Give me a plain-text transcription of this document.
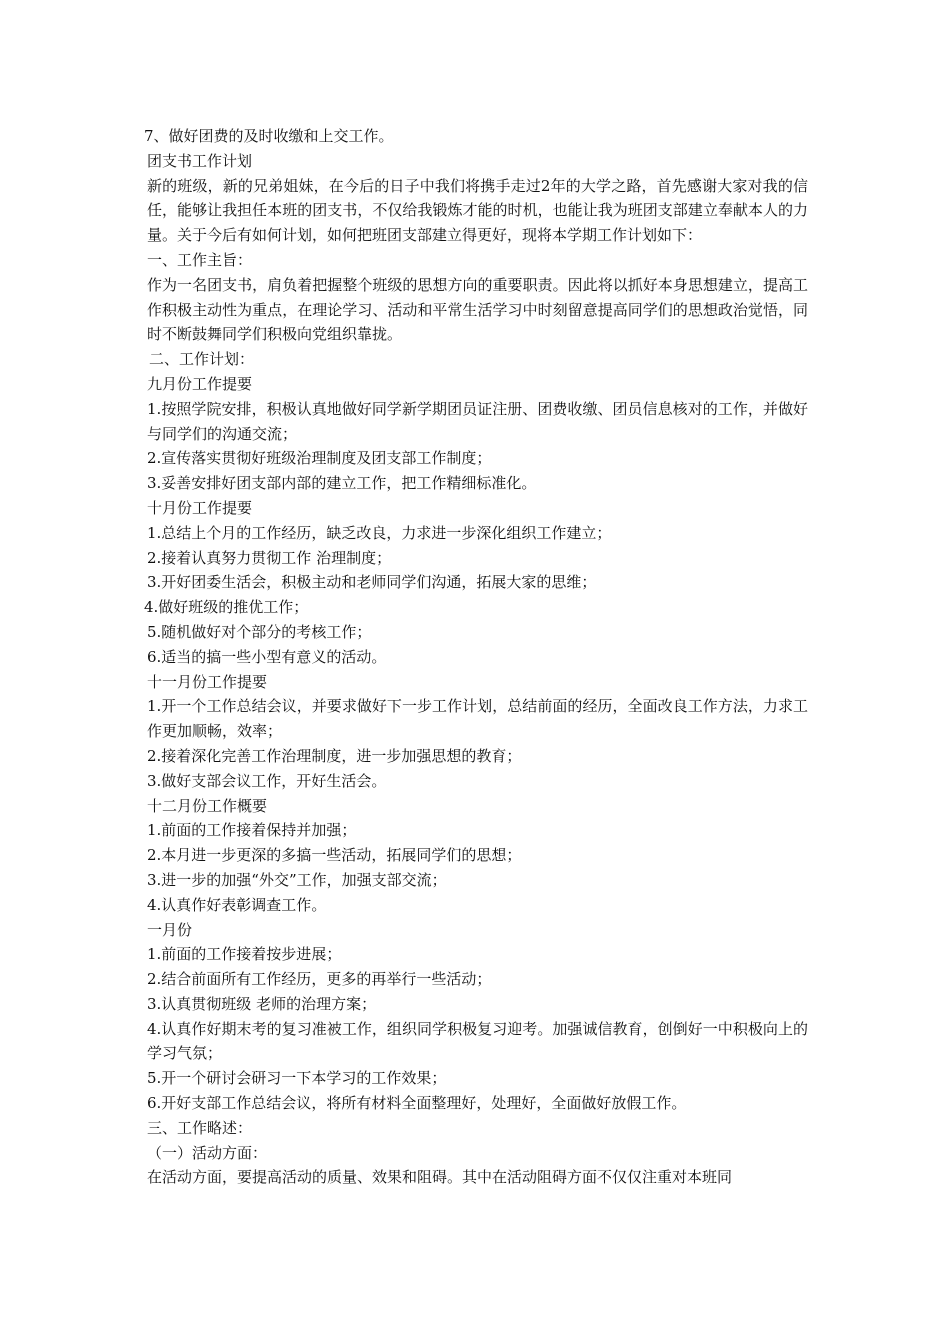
7、做好团费的及时收缴和上交工作。

团支书工作计划

新的班级，新的兄弟姐妹，在今后的日子中我们将携手走过2年的大学之路，首先感谢大家对我的信任，能够让我担任本班的团支书，不仅给我锻炼才能的时机，也能让我为班团支部建立奉献本人的力量。关于今后有如何计划，如何把班团支部建立得更好，现将本学期工作计划如下：

一、工作主旨：

作为一名团支书，肩负着把握整个班级的思想方向的重要职责。因此将以抓好本身思想建立，提高工作积极主动性为重点，在理论学习、活动和平常生活学习中时刻留意提高同学们的思想政治觉悟，同时不断鼓舞同学们积极向党组织靠拢。

二、工作计划：

九月份工作提要

1.按照学院安排，积极认真地做好同学新学期团员证注册、团费收缴、团员信息核对的工作，并做好与同学们的沟通交流；

2.宣传落实贯彻好班级治理制度及团支部工作制度；

3.妥善安排好团支部内部的建立工作，把工作精细标准化。

十月份工作提要

1.总结上个月的工作经历，缺乏改良，力求进一步深化组织工作建立；

2.接着认真努力贯彻工作 治理制度；

3.开好团委生活会，积极主动和老师同学们沟通，拓展大家的思维；

4.做好班级的推优工作；

5.随机做好对个部分的考核工作；

6.适当的搞一些小型有意义的活动。

十一月份工作提要

1.开一个工作总结会议，并要求做好下一步工作计划，总结前面的经历，全面改良工作方法，力求工作更加顺畅，效率；

2.接着深化完善工作治理制度，进一步加强思想的教育；

3.做好支部会议工作，开好生活会。

十二月份工作概要

1.前面的工作接着保持并加强；

2.本月进一步更深的多搞一些活动，拓展同学们的思想；

3.进一步的加强“外交”工作，加强支部交流；

4.认真作好表彰调查工作。

一月份

1.前面的工作接着按步进展；

2.结合前面所有工作经历，更多的再举行一些活动；

3.认真贯彻班级 老师的治理方案；

4.认真作好期末考的复习准被工作，组织同学积极复习迎考。加强诚信教育，创倒好一中积极向上的学习气氛；

5.开一个研讨会研习一下本学习的工作效果；

6.开好支部工作总结会议，将所有材料全面整理好，处理好，全面做好放假工作。

三、工作略述：

（一）活动方面：

在活动方面，要提高活动的质量、效果和阻碍。其中在活动阻碍方面不仅仅注重对本班同
